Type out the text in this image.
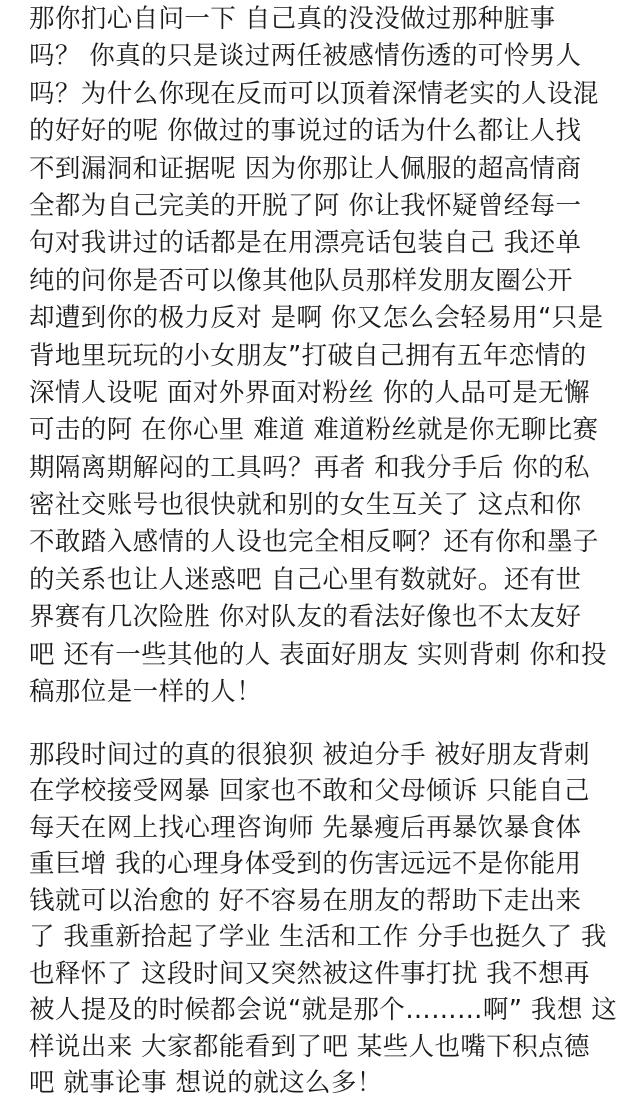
那你扪心自问一下 自己真的没没做过那种脏事
吗？ 你真的只是谈过两任被感情伤透的可怜男人
吗？为什么你现在反而可以顶着深情老实的人设混
的好好的呢 你做过的事说过的话为什么都让人找
不到漏洞和证据呢 因为你那让人佩服的超高情商
全都为自己完美的开脱了阿 你让我怀疑曾经每一
句对我讲过的话都是在用漂亮话包装自己 我还单
纯的问你是否可以像其他队员那样发朋友圈公开
却遭到你的极力反对 是啊 你又怎么会轻易用“只是
背地里玩玩的小女朋友”打破自己拥有五年恋情的
深情人设呢 面对外界面对粉丝 你的人品可是无懈
可击的阿 在你心里 难道 难道粉丝就是你无聊比赛
期隔离期解闷的工具吗？再者 和我分手后 你的私
密社交账号也很快就和别的女生互关了 这点和你
不敢踏入感情的人设也完全相反啊？还有你和墨子
的关系也让人迷惑吧 自己心里有数就好。还有世
界赛有几次险胜 你对队友的看法好像也不太友好
吧 还有一些其他的人 表面好朋友 实则背刺 你和投
稿那位是一样的人！
那段时间过的真的很狼狈 被迫分手 被好朋友背刺
在学校接受网暴 回家也不敢和父母倾诉 只能自己
每天在网上找心理咨询师 先暴瘦后再暴饮暴食体
重巨增 我的心理身体受到的伤害远远不是你能用
钱就可以治愈的 好不容易在朋友的帮助下走出来
了 我重新拾起了学业 生活和工作 分手也挺久了 我
也释怀了 这段时间又突然被这件事打扰 我不想再
被人提及的时候都会说“就是那个………啊” 我想 这
样说出来 大家都能看到了吧 某些人也嘴下积点德
吧 就事论事 想说的就这么多！
